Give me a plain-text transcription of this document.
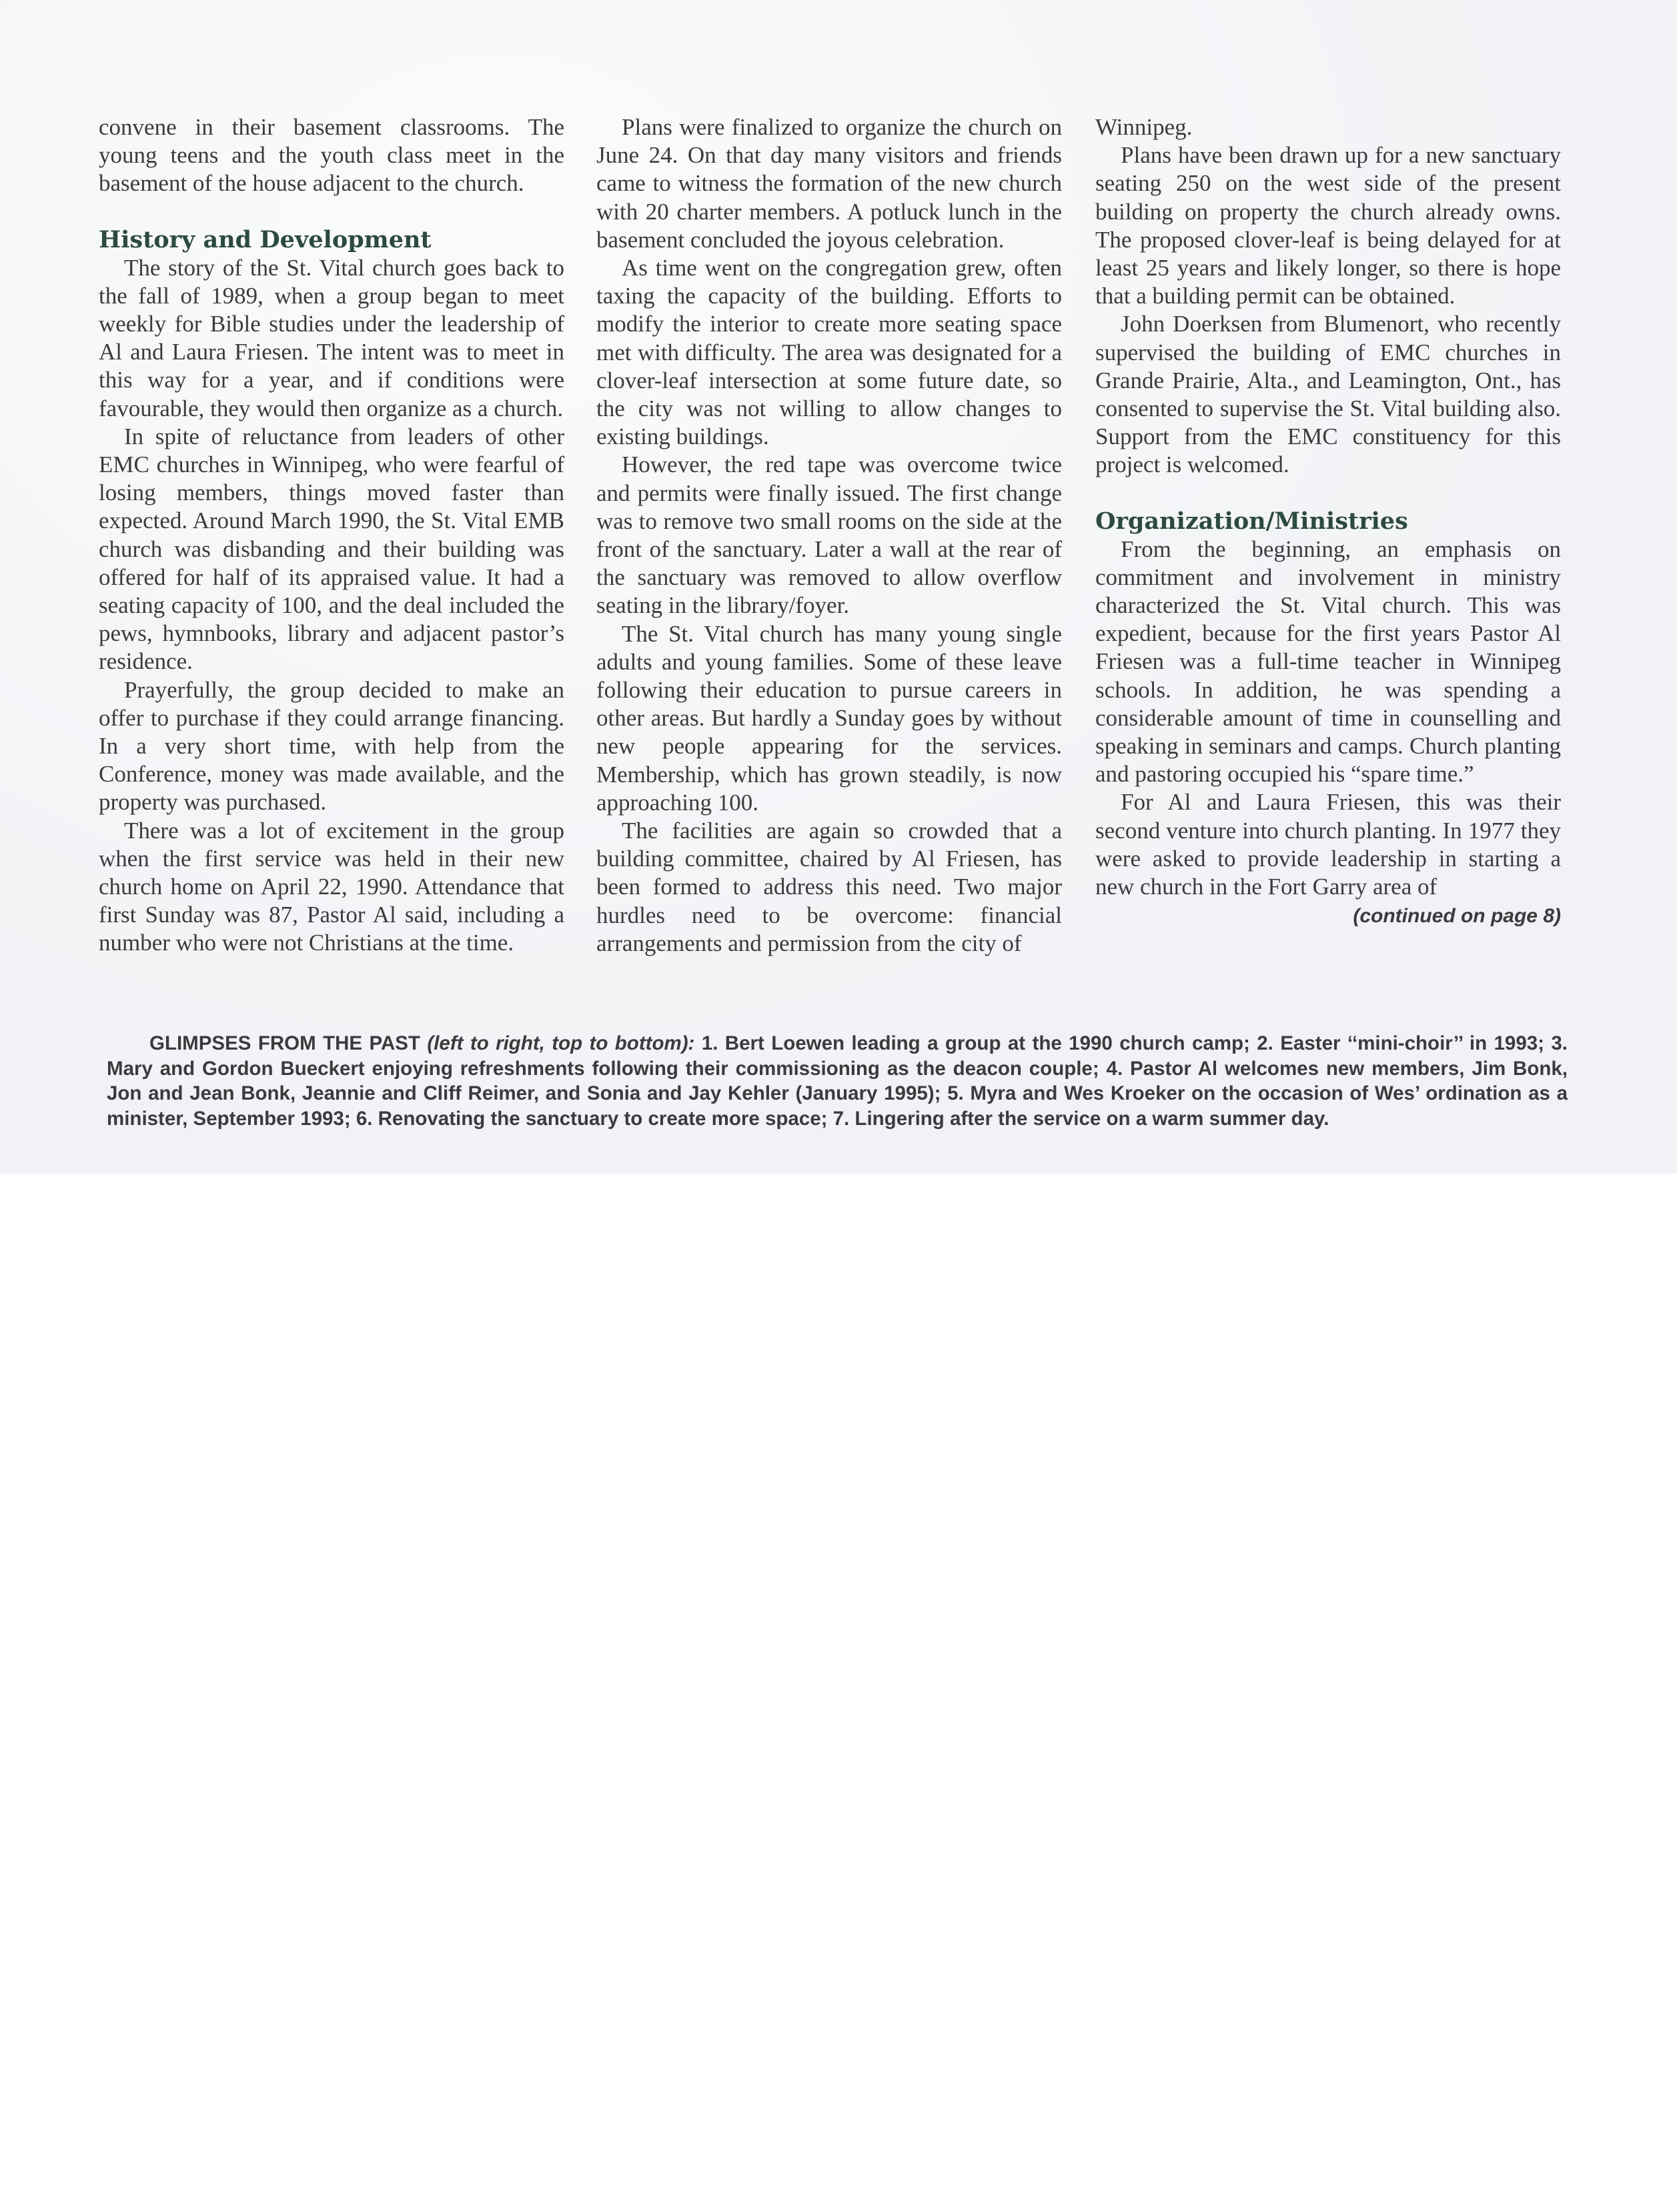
convene in their basement classrooms. The young teens and the youth class meet in the basement of the house adjacent to the church.

History and Development

The story of the St. Vital church goes back to the fall of 1989, when a group began to meet weekly for Bible studies under the leadership of Al and Laura Friesen. The intent was to meet in this way for a year, and if conditions were favourable, they would then organize as a church.

In spite of reluctance from leaders of other EMC churches in Winnipeg, who were fearful of losing members, things moved faster than expected. Around March 1990, the St. Vital EMB church was disbanding and their building was offered for half of its appraised value. It had a seating capacity of 100, and the deal included the pews, hymnbooks, library and adjacent pastor’s residence.

Prayerfully, the group decided to make an offer to purchase if they could arrange financing. In a very short time, with help from the Conference, money was made available, and the property was purchased.

There was a lot of excitement in the group when the first service was held in their new church home on April 22, 1990. Attendance that first Sunday was 87, Pastor Al said, including a number who were not Christians at the time.

Plans were finalized to organize the church on June 24. On that day many visitors and friends came to witness the formation of the new church with 20 charter members. A potluck lunch in the basement concluded the joyous celebration.

As time went on the congregation grew, often taxing the capacity of the building. Efforts to modify the interior to create more seating space met with difficulty. The area was designated for a clover-leaf intersection at some future date, so the city was not willing to allow changes to existing buildings.

However, the red tape was overcome twice and permits were finally issued. The first change was to remove two small rooms on the side at the front of the sanctuary. Later a wall at the rear of the sanctuary was removed to allow overflow seating in the library/foyer.

The St. Vital church has many young single adults and young families. Some of these leave following their education to pursue careers in other areas. But hardly a Sunday goes by without new people appearing for the services. Membership, which has grown steadily, is now approaching 100.

The facilities are again so crowded that a building committee, chaired by Al Friesen, has been formed to address this need. Two major hurdles need to be overcome: financial arrangements and permission from the city of

Winnipeg.

Plans have been drawn up for a new sanctuary seating 250 on the west side of the present building on property the church already owns. The proposed clover-leaf is being delayed for at least 25 years and likely longer, so there is hope that a building permit can be obtained.

John Doerksen from Blumenort, who recently supervised the building of EMC churches in Grande Prairie, Alta., and Leamington, Ont., has consented to supervise the St. Vital building also. Support from the EMC constituency for this project is welcomed.

Organization/Ministries

From the beginning, an emphasis on commitment and involvement in ministry characterized the St. Vital church. This was expedient, because for the first years Pastor Al Friesen was a full-time teacher in Winnipeg schools. In addition, he was spending a considerable amount of time in counselling and speaking in seminars and camps. Church planting and pastoring occupied his “spare time.”

For Al and Laura Friesen, this was their second venture into church planting. In 1977 they were asked to provide leadership in starting a new church in the Fort Garry area of

(continued on page 8)
GLIMPSES FROM THE PAST (left to right, top to bottom): 1. Bert Loewen leading a group at the 1990 church camp; 2. Easter ‘‘mini-choir’’ in 1993; 3. Mary and Gordon Bueckert enjoying refreshments following their commissioning as the deacon couple; 4. Pastor Al welcomes new members, Jim Bonk, Jon and Jean Bonk, Jeannie and Cliff Reimer, and Sonia and Jay Kehler (January 1995); 5. Myra and Wes Kroeker on the occasion of Wes’ ordination as a minister, September 1993; 6. Renovating the sanctuary to create more space; 7. Lingering after the service on a warm summer day.
